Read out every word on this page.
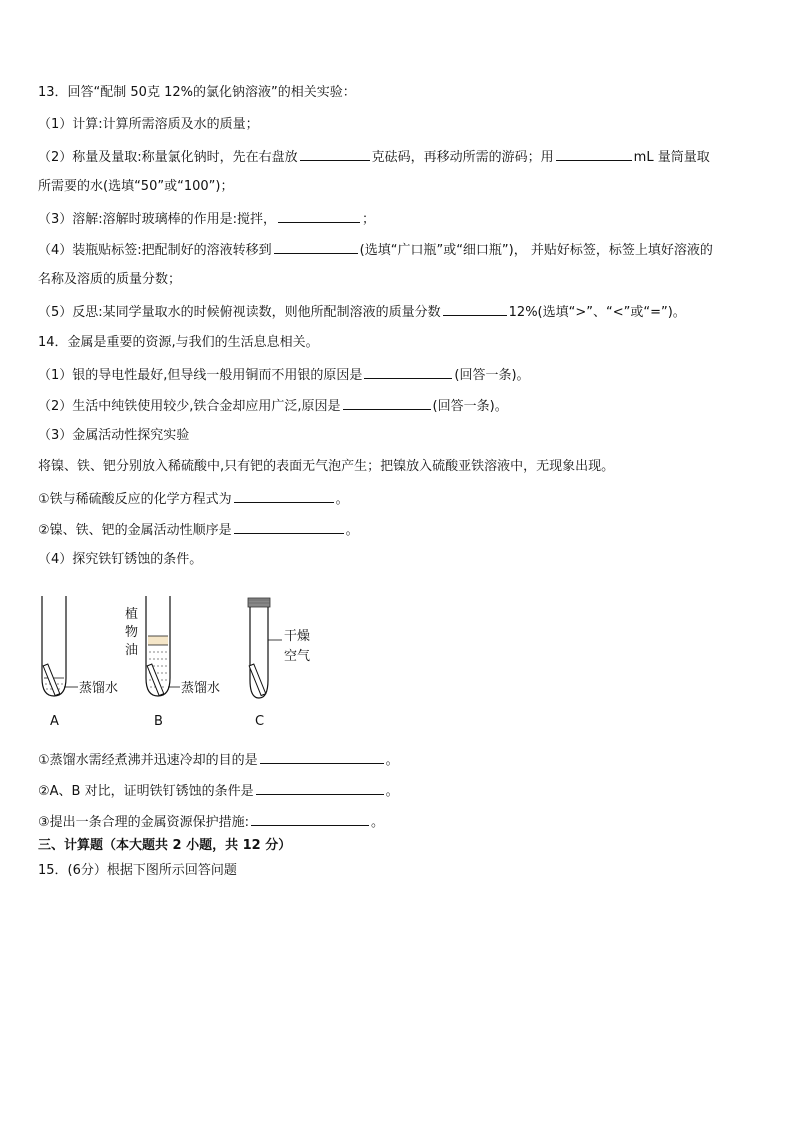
13．回答“配制 50克 12%的氯化钠溶液”的相关实验：
（1）计算:计算所需溶质及水的质量；
（2）称量及量取:称量氯化钠时，先在右盘放	克砝码，再移动所需的游码；用	mL 量筒量取
所需要的水(选填“50”或“100”)；
（3）溶解:溶解时玻璃棒的作用是:搅拌，	；
（4）装瓶贴标签:把配制好的溶液转移到	(选填“广口瓶”或“细口瓶”)， 并贴好标签，标签上填好溶液的
名称及溶质的质量分数；
（5）反思:某同学量取水的时候俯视读数，则他所配制溶液的质量分数	12%(选填“>”、“<”或“=”)。
14．金属是重要的资源,与我们的生活息息相关。
（1）银的导电性最好,但导线一般用铜而不用银的原因是	(回答一条)。
（2）生活中纯铁使用较少,铁合金却应用广泛,原因是	(回答一条)。
（3）金属活动性探究实验
将镍、铁、钯分别放入稀硫酸中,只有钯的表面无气泡产生；把镍放入硫酸亚铁溶液中，无现象出现。
①铁与稀硫酸反应的化学方程式为	。
②镍、铁、钯的金属活动性顺序是	。
（4）探究铁钉锈蚀的条件。
蒸馏水
A
植
物
油
蒸馏水
B
干燥
空气
C
①蒸馏水需经煮沸并迅速冷却的目的是	。
②A、B 对比，证明铁钉锈蚀的条件是	。
③提出一条合理的金属资源保护措施:	。
三、计算题（本大题共 2 小题，共 12 分）
15．(6分）根据下图所示回答问题
